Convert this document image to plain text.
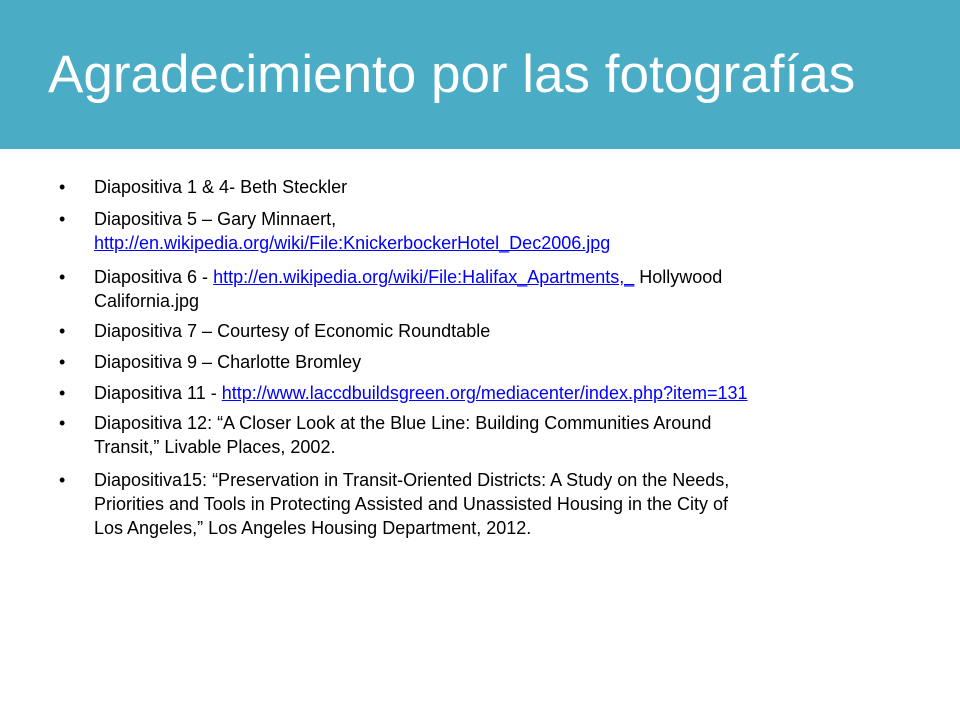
Agradecimiento por las fotografías
• Diapositiva 1 & 4- Beth Steckler
• Diapositiva 5 – Gary Minnaert,
http://en.wikipedia.org/wiki/File:KnickerbockerHotel_Dec2006.jpg
• Diapositiva 6 - http://en.wikipedia.org/wiki/File:Halifax_Apartments,_ Hollywood
California.jpg
• Diapositiva 7 – Courtesy of Economic Roundtable
• Diapositiva 9 – Charlotte Bromley
• Diapositiva 11 - http://www.laccdbuildsgreen.org/mediacenter/index.php?item=131
• Diapositiva 12: “A Closer Look at the Blue Line: Building Communities Around
Transit,” Livable Places, 2002.
• Diapositiva15: “Preservation in Transit-Oriented Districts: A Study on the Needs,
Priorities and Tools in Protecting Assisted and Unassisted Housing in the City of
Los Angeles,” Los Angeles Housing Department, 2012.
